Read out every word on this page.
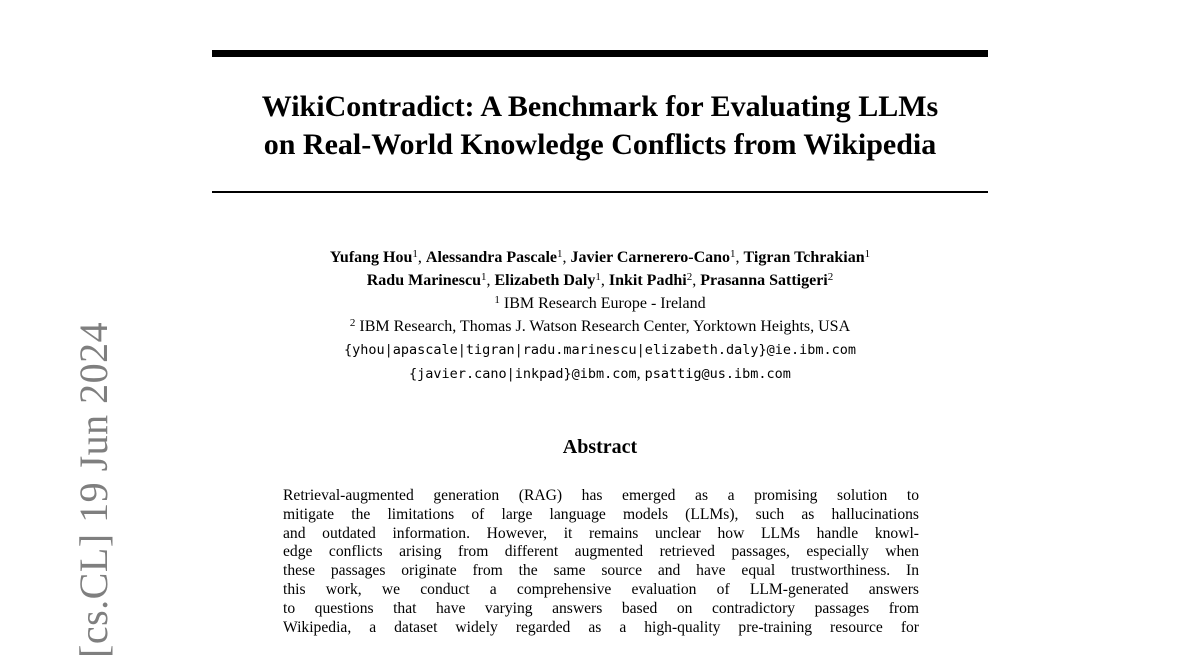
[cs.CL] 19 Jun 2024
WikiContradict: A Benchmark for Evaluating LLMs
on Real-World Knowledge Conflicts from Wikipedia
Yufang Hou$^1$, Alessandra Pascale$^1$, Javier Carnerero-Cano$^1$, Tigran Tchrakian$^1$
Radu Marinescu$^1$, Elizabeth Daly$^1$, Inkit Padhi$^2$, Prasanna Sattigeri$^2$
$^1$ IBM Research Europe - Ireland
$^2$ IBM Research, Thomas J. Watson Research Center, Yorktown Heights, USA
{yhou|apascale|tigran|radu.marinescu|elizabeth.daly}@ie.ibm.com
{javier.cano|inkpad}@ibm.com, psattig@us.ibm.com
Abstract
Retrieval-augmented generation (RAG) has emerged as a promising solution to
mitigate the limitations of large language models (LLMs), such as hallucinations
and outdated information. However, it remains unclear how LLMs handle knowl-
edge conflicts arising from different augmented retrieved passages, especially when
these passages originate from the same source and have equal trustworthiness. In
this work, we conduct a comprehensive evaluation of LLM-generated answers
to questions that have varying answers based on contradictory passages from
Wikipedia, a dataset widely regarded as a high-quality pre-training resource for
